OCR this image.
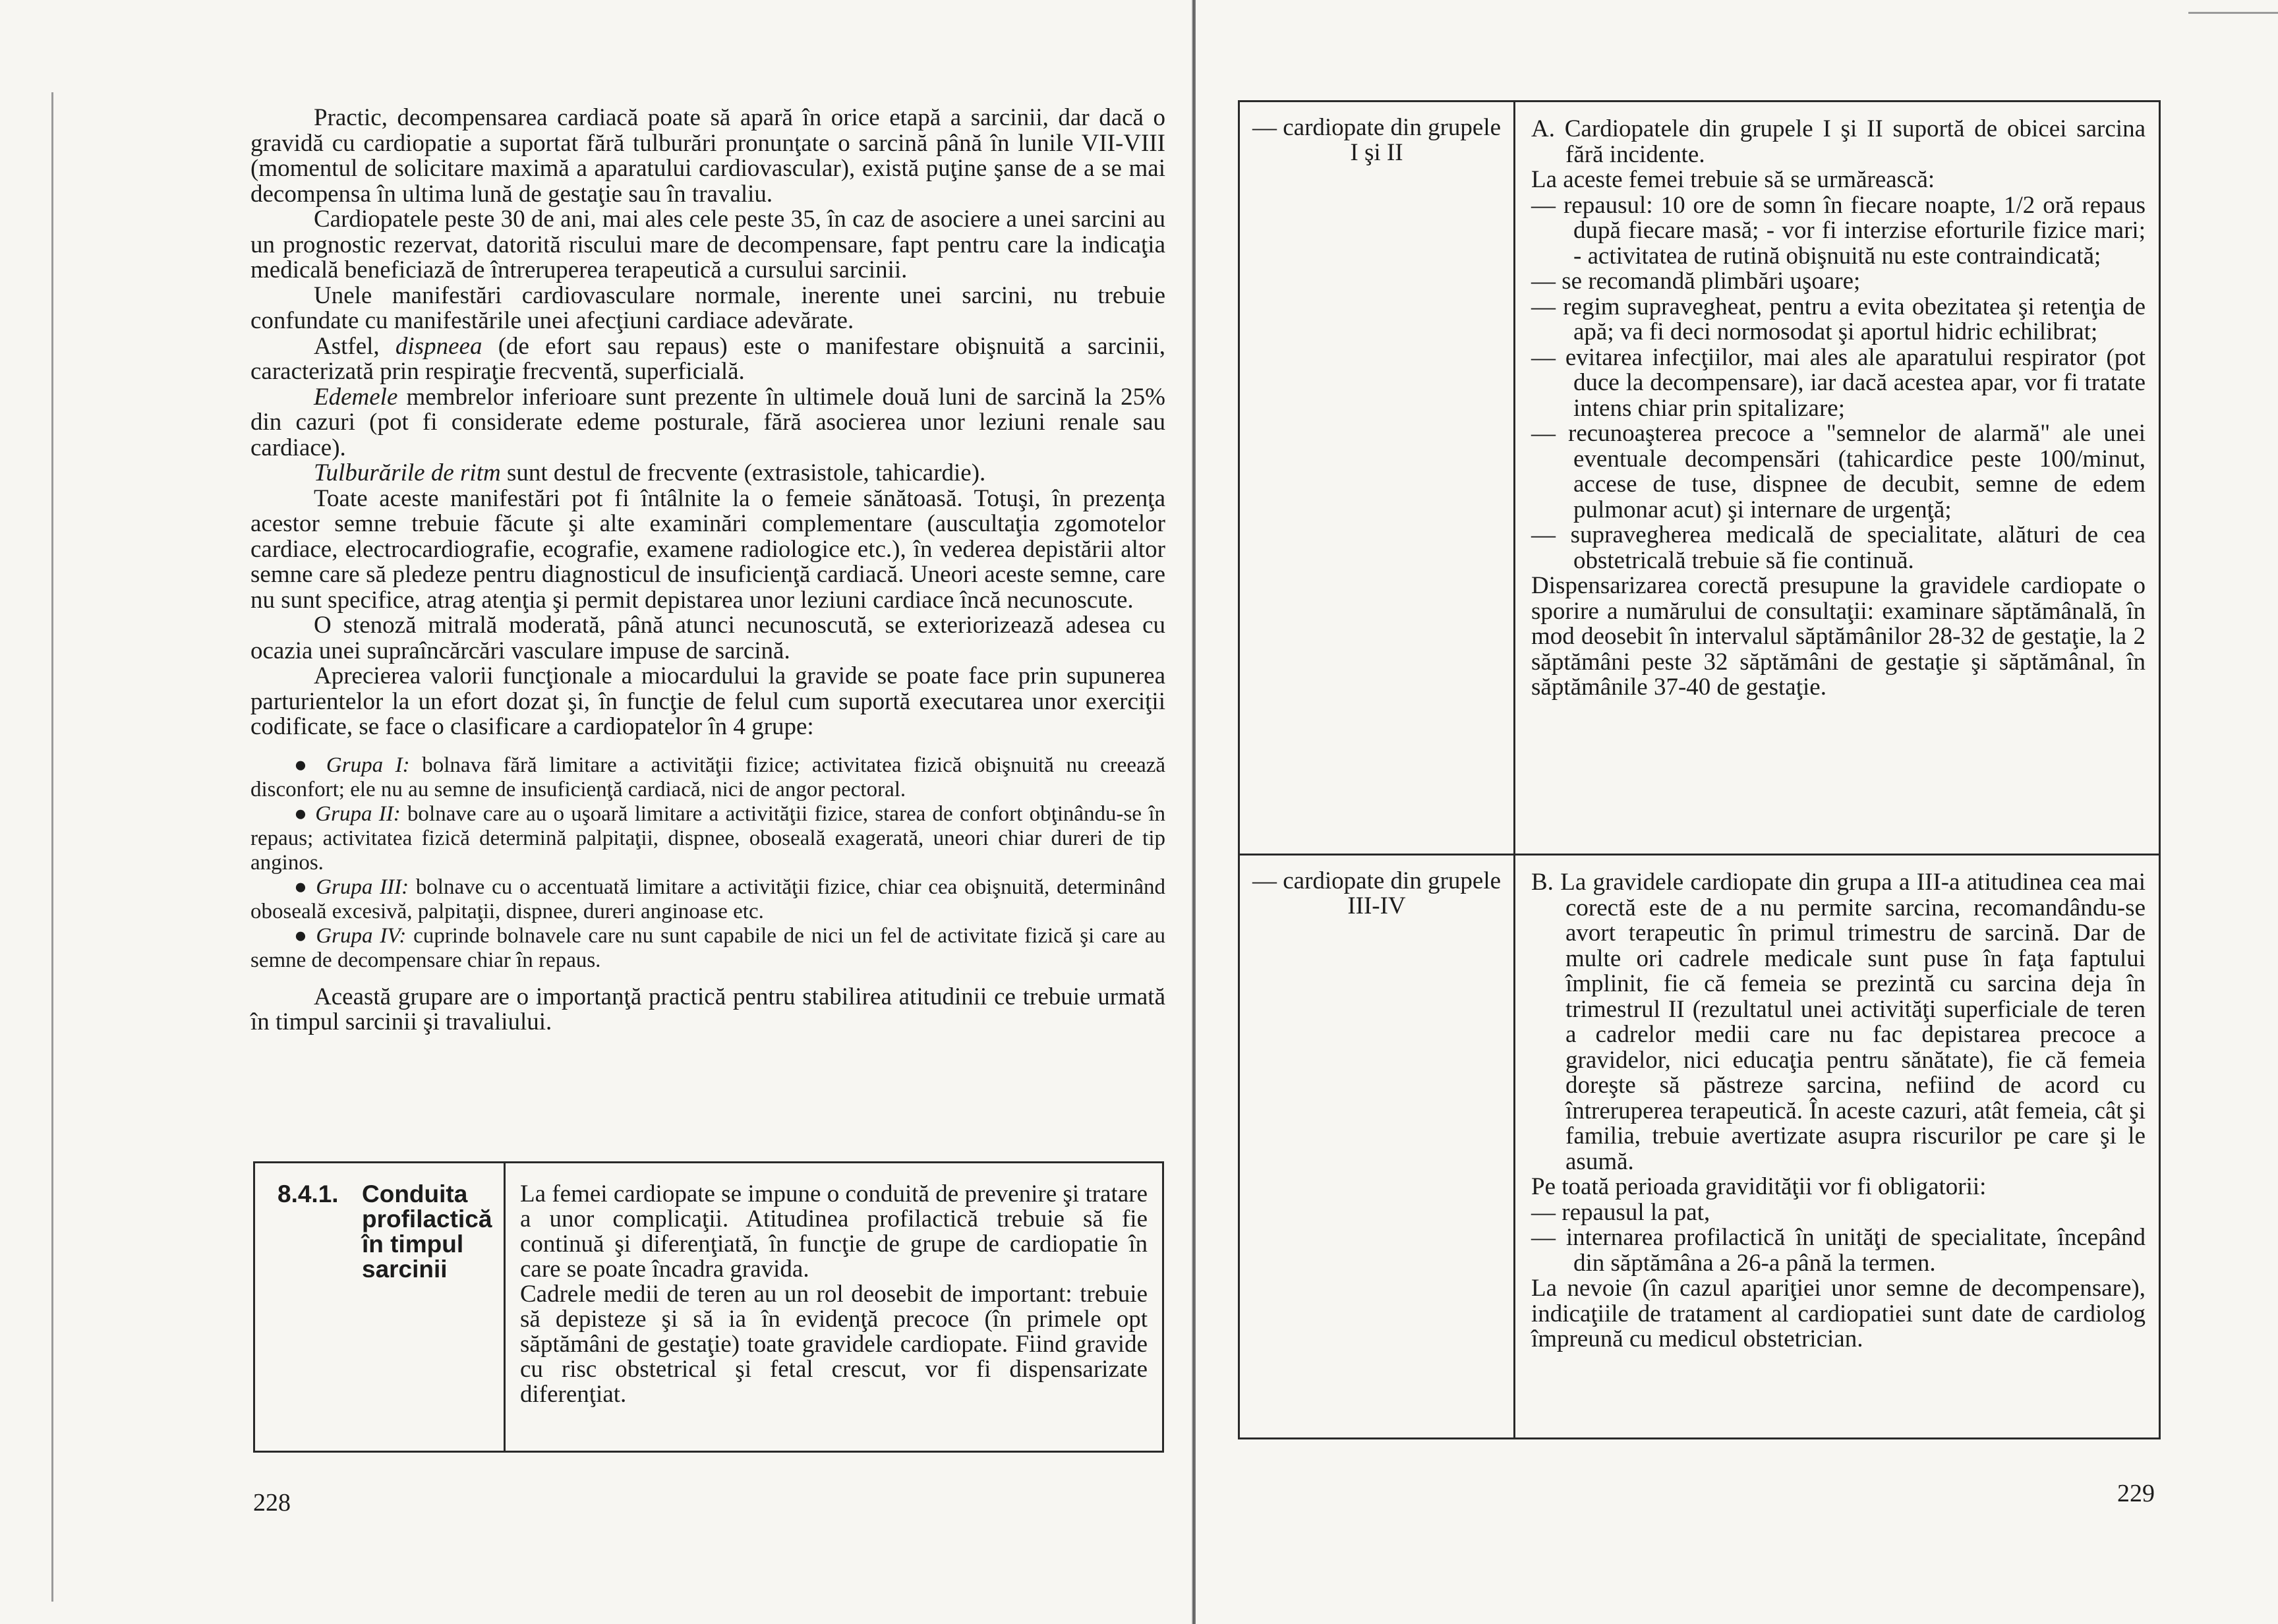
Practic, decompensarea cardiacă poate să apară în orice etapă a sarcinii, dar dacă o gravidă cu cardiopatie a suportat fără tulburări pronunţate o sarcină până în lunile VII-VIII (momentul de solicitare maximă a aparatului cardiovascular), există puţine şanse de a se mai decompensa în ultima lună de gestaţie sau în travaliu.

Cardiopatele peste 30 de ani, mai ales cele peste 35, în caz de asociere a unei sarcini au un prognostic rezervat, datorită riscului mare de decompensare, fapt pentru care la indicaţia medicală beneficiază de întreruperea terapeutică a cursului sarcinii.

Unele manifestări cardiovasculare normale, inerente unei sarcini, nu trebuie confundate cu manifestările unei afecţiuni cardiace adevărate.

Astfel, dispneea (de efort sau repaus) este o manifestare obişnuită a sarcinii, caracterizată prin respiraţie frecventă, superficială.

Edemele membrelor inferioare sunt prezente în ultimele două luni de sarcină la 25% din cazuri (pot fi considerate edeme posturale, fără asocierea unor leziuni renale sau cardiace).

Tulburările de ritm sunt destul de frecvente (extrasistole, tahicardie).

Toate aceste manifestări pot fi întâlnite la o femeie sănătoasă. Totuşi, în prezenţa acestor semne trebuie făcute şi alte examinări complementare (auscultaţia zgomotelor cardiace, electrocardiografie, ecografie, examene radiologice etc.), în vederea depistării altor semne care să pledeze pentru diagnosticul de insuficienţă cardiacă. Uneori aceste semne, care nu sunt specifice, atrag atenţia şi permit depistarea unor leziuni cardiace încă necunoscute.

O stenoză mitrală moderată, până atunci necunoscută, se exteriorizează adesea cu ocazia unei supraîncărcări vasculare impuse de sarcină.

Aprecierea valorii funcţionale a miocardului la gravide se poate face prin supunerea parturientelor la un efort dozat şi, în funcţie de felul cum suportă executarea unor exerciţii codificate, se face o clasificare a cardiopatelor în 4 grupe:

● Grupa I: bolnava fără limitare a activităţii fizice; activitatea fizică obişnuită nu creează disconfort; ele nu au semne de insuficienţă cardiacă, nici de angor pectoral.

● Grupa II: bolnave care au o uşoară limitare a activităţii fizice, starea de confort obţinându-se în repaus; activitatea fizică determină palpitaţii, dispnee, oboseală exagerată, uneori chiar dureri de tip anginos.

● Grupa III: bolnave cu o accentuată limitare a activităţii fizice, chiar cea obişnuită, determinând oboseală excesivă, palpitaţii, dispnee, dureri anginoase etc.

● Grupa IV: cuprinde bolnavele care nu sunt capabile de nici un fel de activitate fizică şi care au semne de decompensare chiar în repaus.

Această grupare are o importanţă practică pentru stabilirea atitudinii ce trebuie urmată în timpul sarcinii şi travaliului.

8.4.1. Conduita profilactică în timpul sarcinii

La femei cardiopate se impune o conduită de prevenire şi tratare a unor complicaţii. Atitudinea profilactică trebuie să fie continuă şi diferenţiată, în funcţie de grupe de cardiopatie în care se poate încadra gravida.

Cadrele medii de teren au un rol deosebit de important: trebuie să depisteze şi să ia în evidenţă precoce (în primele opt săptămâni de gestaţie) toate gravidele cardiopate. Fiind gravide cu risc obstetrical şi fetal crescut, vor fi dispensarizate diferenţiat.

228
— cardiopate din grupele I şi II

A. Cardiopatele din grupele I şi II suportă de obicei sarcina fără incidente.

La aceste femei trebuie să se urmărească:

— repausul: 10 ore de somn în fiecare noapte, 1/2 oră repaus după fiecare masă; - vor fi interzise eforturile fizice mari; - activitatea de rutină obişnuită nu este contraindicată;

— se recomandă plimbări uşoare;

— regim supravegheat, pentru a evita obezitatea şi retenţia de apă; va fi deci normosodat şi aportul hidric echilibrat;

— evitarea infecţiilor, mai ales ale aparatului respirator (pot duce la decompensare), iar dacă acestea apar, vor fi tratate intens chiar prin spitalizare;

— recunoaşterea precoce a "semnelor de alarmă" ale unei eventuale decompensări (tahicardice peste 100/minut, accese de tuse, dispnee de decubit, semne de edem pulmonar acut) şi internare de urgenţă;

— supravegherea medicală de specialitate, alături de cea obstetricală trebuie să fie continuă.

Dispensarizarea corectă presupune la gravidele cardiopate o sporire a numărului de consultaţii: examinare săptămânală, în mod deosebit în intervalul săptămânilor 28-32 de gestaţie, la 2 săptămâni peste 32 săptămâni de gestaţie şi săptămânal, în săptămânile 37-40 de gestaţie.

— cardiopate din grupele III-IV

B. La gravidele cardiopate din grupa a III-a atitudinea cea mai corectă este de a nu permite sarcina, recomandându-se avort terapeutic în primul trimestru de sarcină. Dar de multe ori cadrele medicale sunt puse în faţa faptului împlinit, fie că femeia se prezintă cu sarcina deja în trimestrul II (rezultatul unei activităţi superficiale de teren a cadrelor medii care nu fac depistarea precoce a gravidelor, nici educaţia pentru sănătate), fie că femeia doreşte să păstreze sarcina, nefiind de acord cu întreruperea terapeutică. În aceste cazuri, atât femeia, cât şi familia, trebuie avertizate asupra riscurilor pe care şi le asumă.

Pe toată perioada gravidităţii vor fi obligatorii:

— repausul la pat,

— internarea profilactică în unităţi de specialitate, începând din săptămâna a 26-a până la termen.

La nevoie (în cazul apariţiei unor semne de decompensare), indicaţiile de tratament al cardiopatiei sunt date de cardiolog împreună cu medicul obstetrician.

229
